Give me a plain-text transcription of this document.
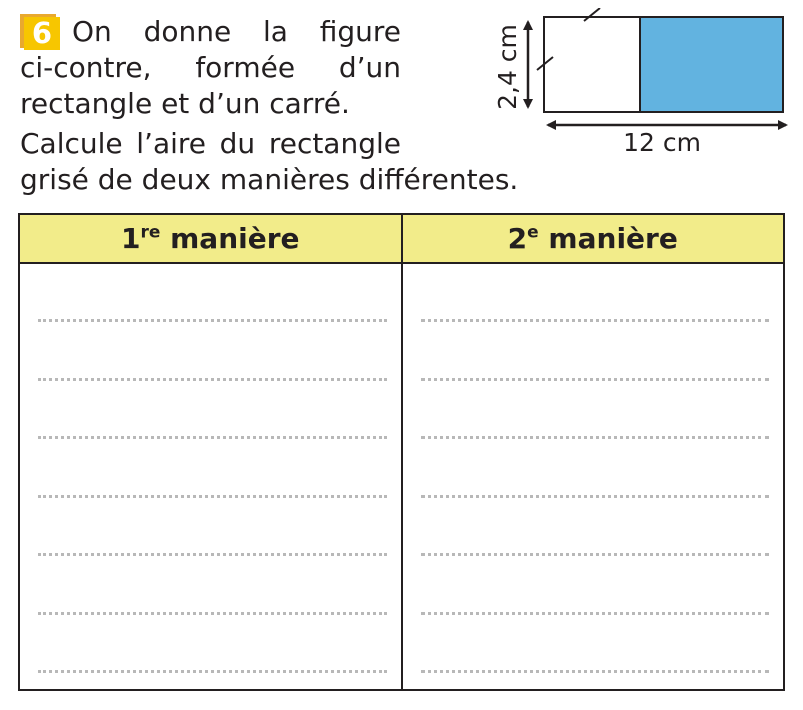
6 On donne la figure
ci-contre, formée d’un
rectangle et d’un carré.
Calcule l’aire du rectangle
grisé de deux manières différentes.
2,4 cm
12 cm
1re manière	2e manière
